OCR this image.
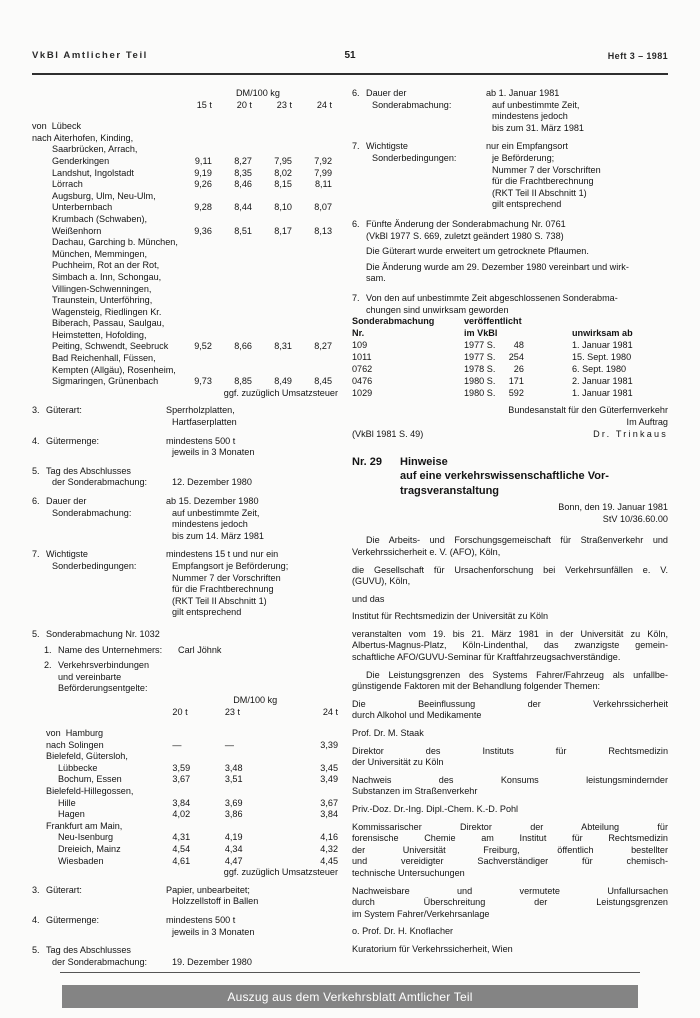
VkBl Amtlicher Teil	51	Heft 3 – 1981
	DM/100 kg			
	15 t	20 t	23 t	24 t
von  Lübeck				
nach Aiterhofen, Kinding,				
Saarbrücken, Arrach,				
Genderkingen	9,11	8,27	7,95	7,92
Landshut, Ingolstadt	9,19	8,35	8,02	7,99
Lörrach	9,26	8,46	8,15	8,11
Augsburg, Ulm, Neu-Ulm,				
Unterbernbach	9,28	8,44	8,10	8,07
Krumbach (Schwaben),				
Weißenhorn	9,36	8,51	8,17	8,13
Dachau, Garching b. München,				
München, Memmingen,				
Puchheim, Rot an der Rot,				
Simbach a. Inn, Schongau,				
Villingen-Schwenningen,				
Traunstein, Unterföhring,				
Wagensteig, Riedlingen Kr.				
Biberach, Passau, Saulgau,				
Heimstetten, Hofolding,				
Peiting, Schwendt, Seebruck	9,52	8,66	8,31	8,27
Bad Reichenhall, Füssen,				
Kempten (Allgäu), Rosenheim,				
Sigmaringen, Grünenbach	9,73	8,85	8,49	8,45
ggf. zuzüglich Umsatzsteuer
3. Güterart:	Sperrholzplatten,
Hartfaserplatten
4. Gütermenge:	mindestens 500 t
jeweils in 3 Monaten
5. Tag des Abschlusses
der Sonderabmachung:	12. Dezember 1980
6. Dauer der	ab 15. Dezember 1980
Sonderabmachung:	auf unbestimmte Zeit,
mindestens jedoch
bis zum 14. März 1981
7. Wichtigste	mindestens 15 t und nur ein
Sonderbedingungen:	Empfangsort je Beförderung;
Nummer 7 der Vorschriften
für die Frachtberechnung
(RKT Teil II Abschnitt 1)
gilt entsprechend
5. Sonderabmachung Nr. 1032
1. Name des Unternehmers:	Carl Jöhnk
2. Verkehrsverbindungen
und vereinbarte
Beförderungsentgelte:
	DM/100 kg		
	20 t	23 t	24 t
von  Hamburg			
nach Solingen	—	—	3,39
Bielefeld, Gütersloh,			
Lübbecke	3,59	3,48	3,45
Bochum, Essen	3,67	3,51	3,49
Bielefeld-Hillegossen,			
Hille	3,84	3,69	3,67
Hagen	4,02	3,86	3,84
Frankfurt am Main,			
Neu-Isenburg	4,31	4,19	4,16
Dreieich, Mainz	4,54	4,34	4,32
Wiesbaden	4,61	4,47	4,45
ggf. zuzüglich Umsatzsteuer
3. Güterart:	Papier, unbearbeitet;
Holzzellstoff in Ballen
4. Gütermenge:	mindestens 500 t
jeweils in 3 Monaten
5. Tag des Abschlusses
der Sonderabmachung:	19. Dezember 1980
6. Dauer der	ab 1. Januar 1981
Sonderabmachung:	auf unbestimmte Zeit,
mindestens jedoch
bis zum 31. März 1981
7. Wichtigste	nur ein Empfangsort
Sonderbedingungen:	je Beförderung;
Nummer 7 der Vorschriften
für die Frachtberechnung
(RKT Teil II Abschnitt 1)
gilt entsprechend
6. Fünfte Änderung der Sonderabmachung Nr. 0761
(VkBl 1977 S. 669, zuletzt geändert 1980 S. 738)
Die Güterart wurde erweitert um getrocknete Pflaumen.
Die Änderung wurde am 29. Dezember 1980 vereinbart und wirk-
sam.
7. Von den auf unbestimmte Zeit abgeschlossenen Sonderabma-
chungen sind unwirksam geworden
Sonderabmachung	veröffentlicht	
Nr.	im VkBl	unwirksam ab
109	1977 S. 48	1. Januar 1981
1011	1977 S. 254	15. Sept. 1980
0762	1978 S. 26	6. Sept. 1980
0476	1980 S. 171	2. Januar 1981
1029	1980 S. 592	1. Januar 1981
Bundesanstalt für den Güterfernverkehr
Im Auftrag
(VkBl 1981 S. 49)	Dr. Trinkaus
Nr. 29 Hinweise
auf eine verkehrswissenschaftliche Vor-
tragsveranstaltung
Bonn, den 19. Januar 1981
StV 10/36.60.00
Die Arbeits- und Forschungsgemeischaft für Straßenverkehr und
Verkehrssicherheit e. V. (AFO), Köln,
die Gesellschaft für Ursachenforschung bei Verkehrsunfällen e. V.
(GUVU), Köln,
und das
Institut für Rechtsmedizin der Universität zu Köln
veranstalten vom 19. bis 21. März 1981 in der Universität zu Köln,
Albertus-Magnus-Platz, Köln-Lindenthal, das zwanzigste gemein-
schaftliche AFO/GUVU-Seminar für Kraftfahrzeugsachverständige.
Die Leistungsgrenzen des Systems Fahrer/Fahrzeug als unfallbe-
günstigende Faktoren mit der Behandlung folgender Themen:
Die Beeinflussung der Verkehrssicherheit
durch Alkohol und Medikamente
Prof. Dr. M. Staak
Direktor des Instituts für Rechtsmedizin
der Universität zu Köln
Nachweis des Konsums leistungsmindernder
Substanzen im Straßenverkehr
Priv.-Doz. Dr.-Ing. Dipl.-Chem. K.-D. Pohl
Kommissarischer Direktor der Abteilung für
forensische Chemie am Institut für Rechtsmedizin
der Universität Freiburg, öffentlich bestellter
und vereidigter Sachverständiger für chemisch-
technische Untersuchungen
Nachweisbare und vermutete Unfallursachen
durch Überschreitung der Leistungsgrenzen
im System Fahrer/Verkehrsanlage
o. Prof. Dr. H. Knoflacher
Kuratorium für Verkehrssicherheit, Wien
Auszug aus dem Verkehrsblatt Amtlicher Teil
